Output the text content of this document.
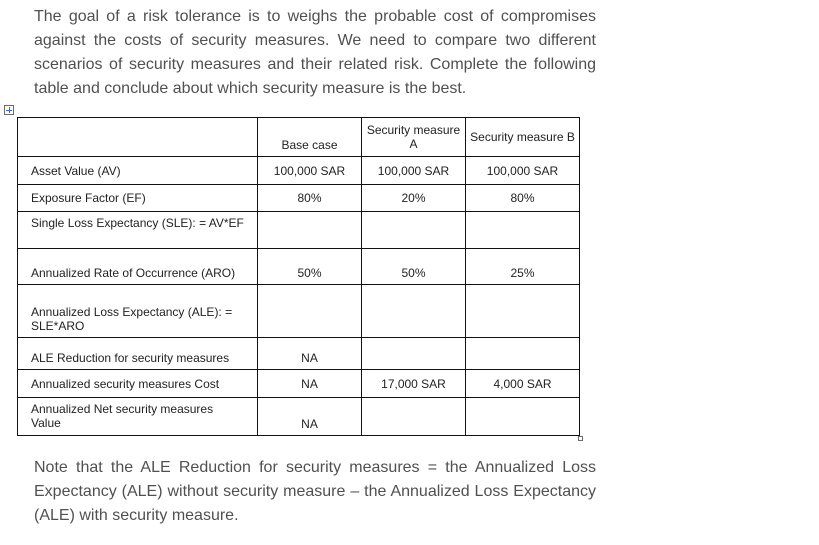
The goal of a risk tolerance is to weighs the probable cost of compromises against the costs of security measures. We need to compare two different scenarios of security measures and their related risk. Complete the following table and conclude about which security measure is the best.
	Base case	Security measure A	Security measure B
Asset Value (AV)	100,000 SAR	100,000 SAR	100,000 SAR
Exposure Factor (EF)	80%	20%	80%
Single Loss Expectancy (SLE): = AV*EF			
Annualized Rate of Occurrence (ARO)	50%	50%	25%
Annualized Loss Expectancy (ALE): = SLE*ARO			
ALE Reduction for security measures	NA		
Annualized security measures Cost	NA	17,000 SAR	4,000 SAR
Annualized Net security measures Value	NA		
Note that the ALE Reduction for security measures = the Annualized Loss Expectancy (ALE) without security measure – the Annualized Loss Expectancy (ALE) with security measure.
